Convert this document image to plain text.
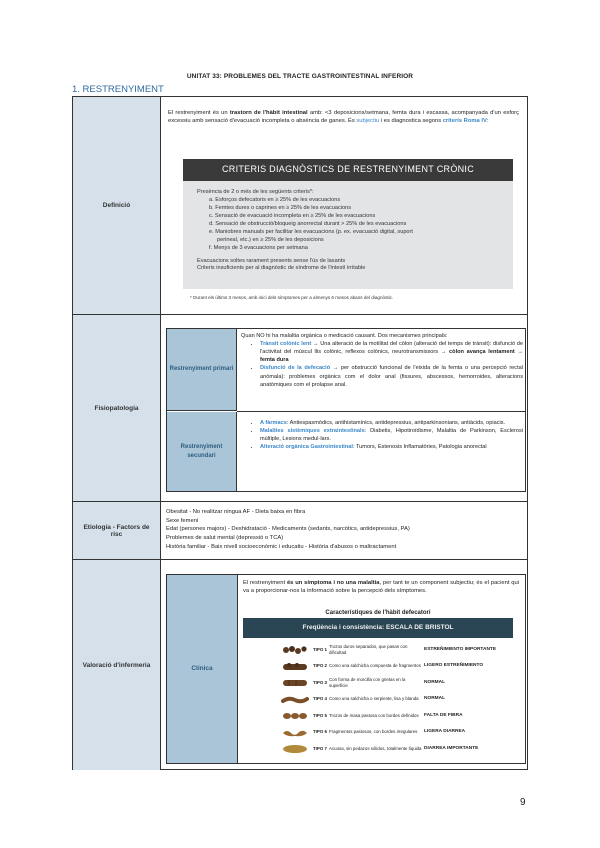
UNITAT 33: PROBLEMES DEL TRACTE GASTROINTESTINAL INFERIOR
1. RESTRENYIMENT
Definició
El restrenyiment és un trastorn de l'hàbit intestinal amb: <3 deposicions/setmana, femta dura i escassa, acompanyada d'un esforç excessiu amb sensació d'evacuació incompleta o absència de ganes. És subjectiu i es diagnostica segons criteris Roma IV:
CRITERIS DIAGNÒSTICS DE RESTRENYIMENT CRÒNIC

Presència de 2 o més de les següents criteris*:

a. Esforços defecatoris en ≥ 25% de les evacuacions

b. Femtes dures o caprines en ≥ 25% de les evacuacions

c. Sensació de evacuació incompleta en ≥ 25% de les evacuacions

d. Sensació de obstrucció/bloqueig anorrectal durant > 25% de les evacuacions

e. Maniobres manuals per facilitar les evacuacions (p. ex. evacuació digital, suport

perineal, etc.) en ≥ 25% de les deposicions

f. Menys de 3 evacuacions per setmana

Evacuacions soltes rarament presents sense l'ús de laxants

Criteris insuficients per al diagnòstic de síndrome de l'intestí irritable

* Durant els últims 3 mesos, amb inici dels símptomes per a almenys 6 mesos abans del diagnòstic.
Fisiopatologia
Restrenyiment primari
Quan NO hi ha malaltia orgànica o medicació causant. Dos mecanismes principals:
• Trànsit colònic lent → Una alteració de la motilitat del còlon (alteració del temps de trànsit): disfunció de l'activitat del múscul llis colònic, reflexos colònics, neurotransmissors → còlon avança lentament → femta dura
• Disfunció de la defecació → per obstrucció funcional de l'eixida de la femta o una percepció rectal anòmala): problemes orgànics com el dolor anal (fissures, abscessos, hemorroides, alteracions anatòmiques com el prolapse anal.
Restrenyiment secundari
• A fàrmacs: Antiespasmòdics, antihistamínics, antidepressius, antiparkinsonians, antiàcids, opiacis.
• Malalties sistèmiques extraintestinals: Diabetis, Hipotiroïdisme, Malaltia de Parkinson, Esclerosi múltiple, Lesions medul·lars.
• Alteració orgànica Gastrointestinal: Tumors, Estenosis Inflamatòries, Patologia anorectal
Etiologia - Factors de risc

Obesitat - No realitzar ningua AF - Dieta baixa en fibra

Sexe femení

Edat (persones majors) - Deshidratació - Medicaments (sedants, narcòtics, antidepressius, PA)

Problemes de salut mental (depressió o TCA)

Història familiar - Baix nivell socioeconòmic i educatiu - Història d'abusos o maltractament

Valoració d'infermeria
Clínica
El restrenyiment és un símptoma i no una malaltia, per tant te un component subjectiu; és el pacient qui va a proporcionar-nos la informació sobre la percepció dels símptomes.
Característiques de l'hàbit defecatori
Freqüència i consistència: ESCALA DE BRISTOL
TIPO 1
Trozos duros separados, que pasan con dificultad
ESTREÑIMIENTO IMPORTANTE
TIPO 2 Como una salchicha compuesta de fragmentos LIGERO ESTREÑIMIENTO
TIPO 3
Con forma de morcilla con grietas en la superficie
NORMAL
TIPO 4 Como una salchicha o serpiente, lisa y blanda	NORMAL
TIPO 5 Trozos de masa pastosa con bordes definidos	FALTA DE FIBRA
TIPO 6 Fragmentos pastosos, con bordes irregulares	LIGERA DIARREA
TIPO 7 Acuosa, sin pedazos sólidos, totalmente líquida DIARREA IMPORTANTE
9
